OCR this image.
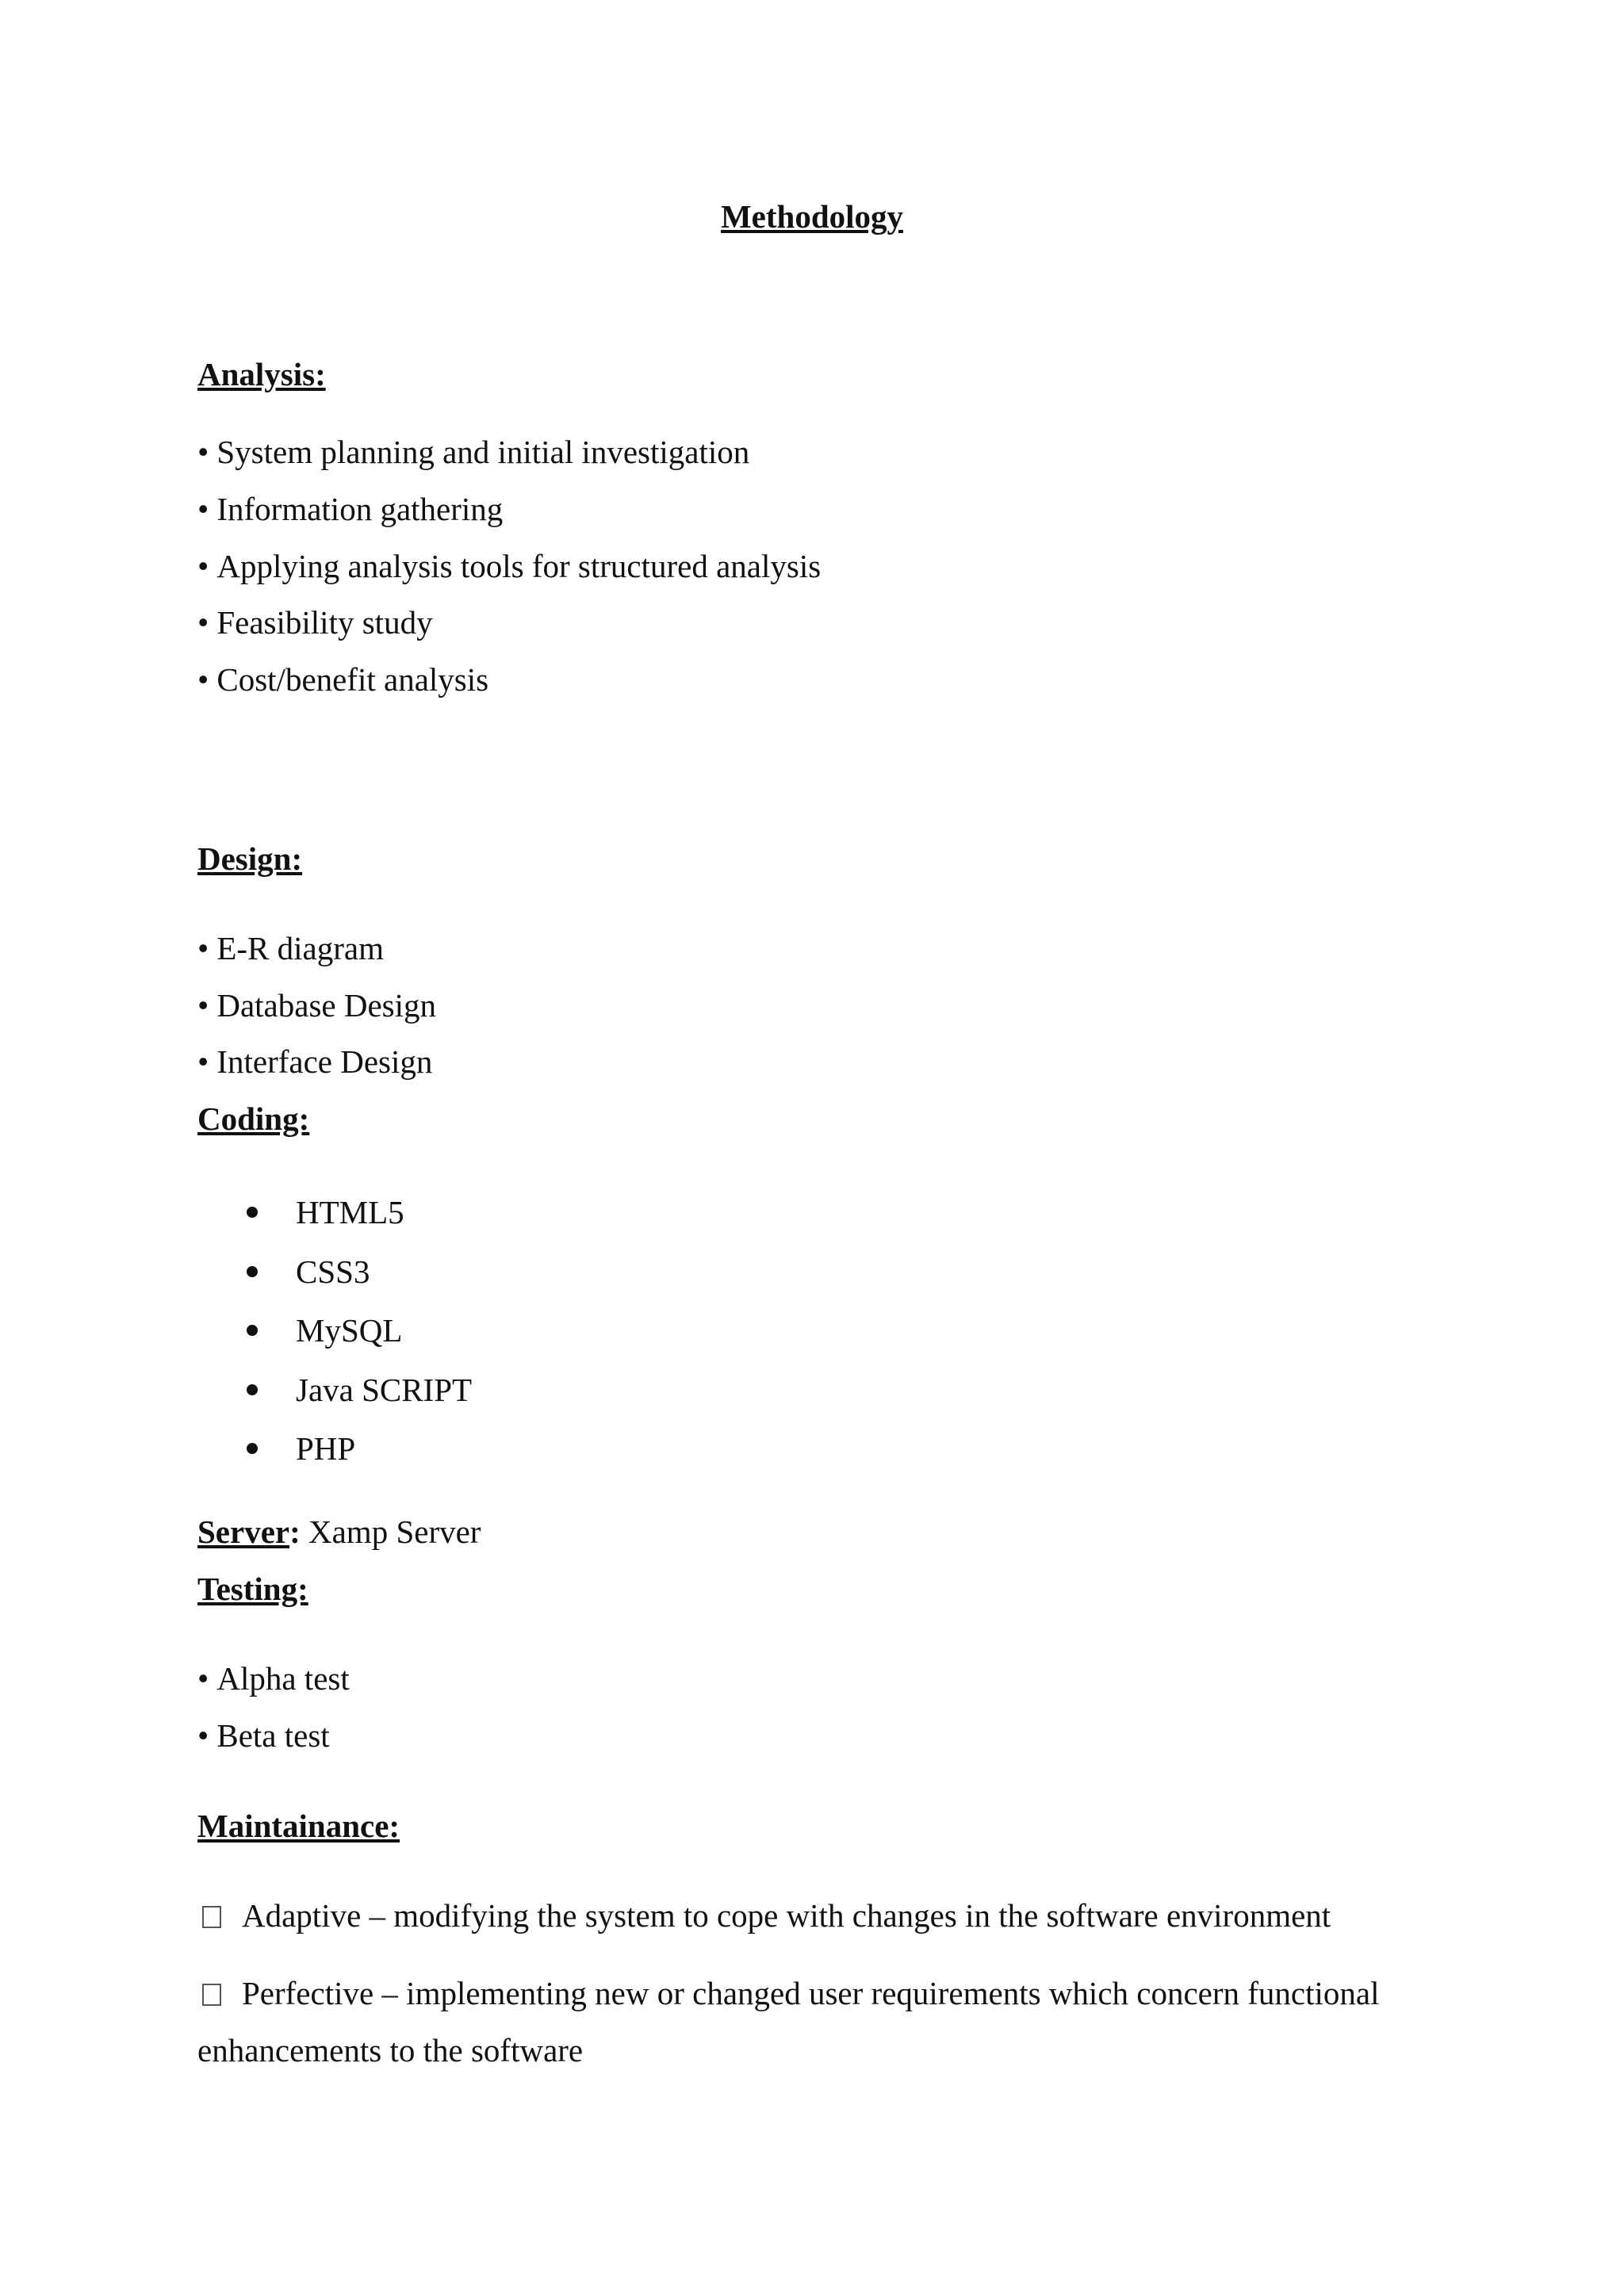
Methodology
Analysis:
• System planning and initial investigation
• Information gathering
• Applying analysis tools for structured analysis
• Feasibility study
• Cost/benefit analysis
Design:
• E-R diagram
• Database Design
• Interface Design
Coding:
HTML5
CSS3
MySQL
Java SCRIPT
PHP
Server: Xamp Server
Testing:
• Alpha test
• Beta test
Maintainance:
Adaptive – modifying the system to cope with changes in the software environment
Perfective – implementing new or changed user requirements which concern functional
enhancements to the software
